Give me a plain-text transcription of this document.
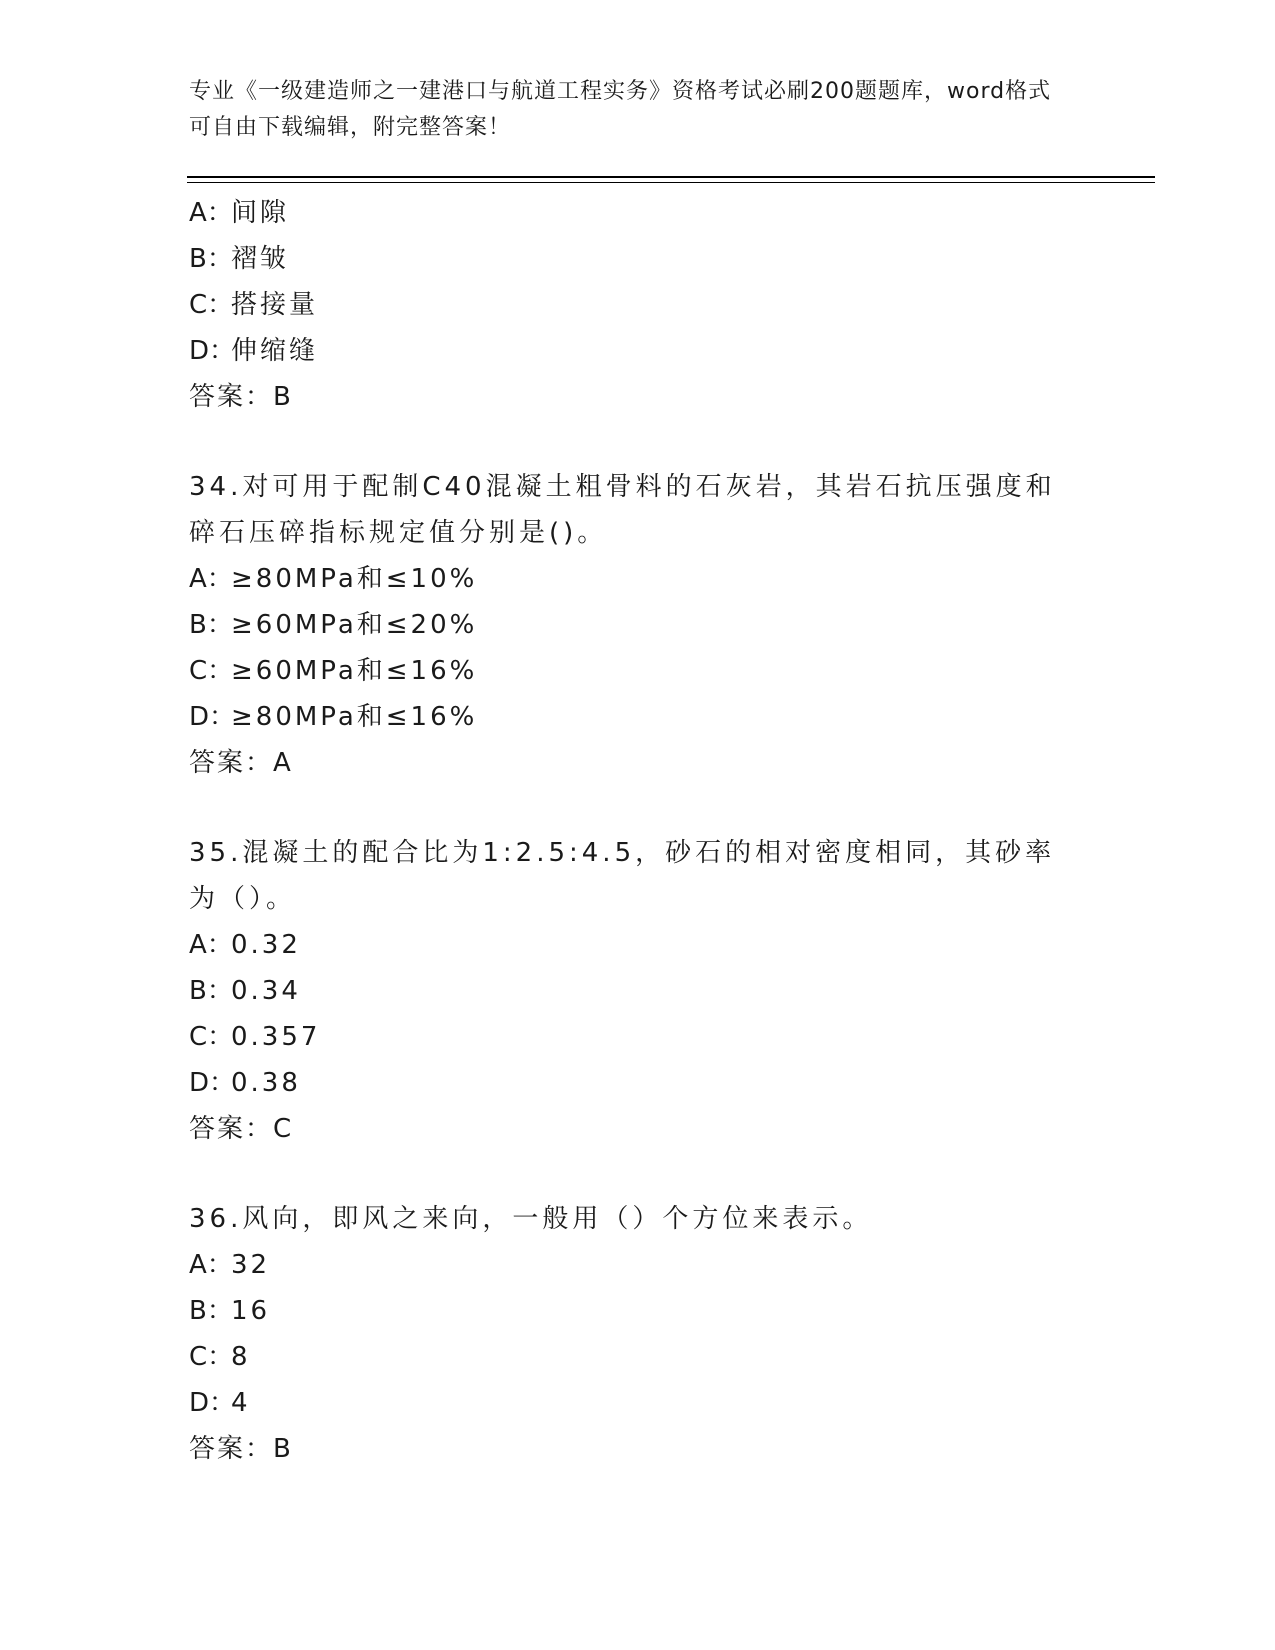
专业《一级建造师之一建港口与航道工程实务》资格考试必刷200题题库，word格式可自由下载编辑，附完整答案！
A：间隙
B：褶皱
C：搭接量
D：伸缩缝
答案：B
34.对可用于配制C40混凝土粗骨料的石灰岩，其岩石抗压强度和碎石压碎指标规定值分别是()。
A：≥80MPa和≤10%
B：≥60MPa和≤20%
C：≥60MPa和≤16%
D：≥80MPa和≤16%
答案：A
35.混凝土的配合比为1:2.5:4.5，砂石的相对密度相同，其砂率为（）。
A：0.32
B：0.34
C：0.357
D：0.38
答案：C
36.风向，即风之来向，一般用（）个方位来表示。
A：32
B：16
C：8
D：4
答案：B
